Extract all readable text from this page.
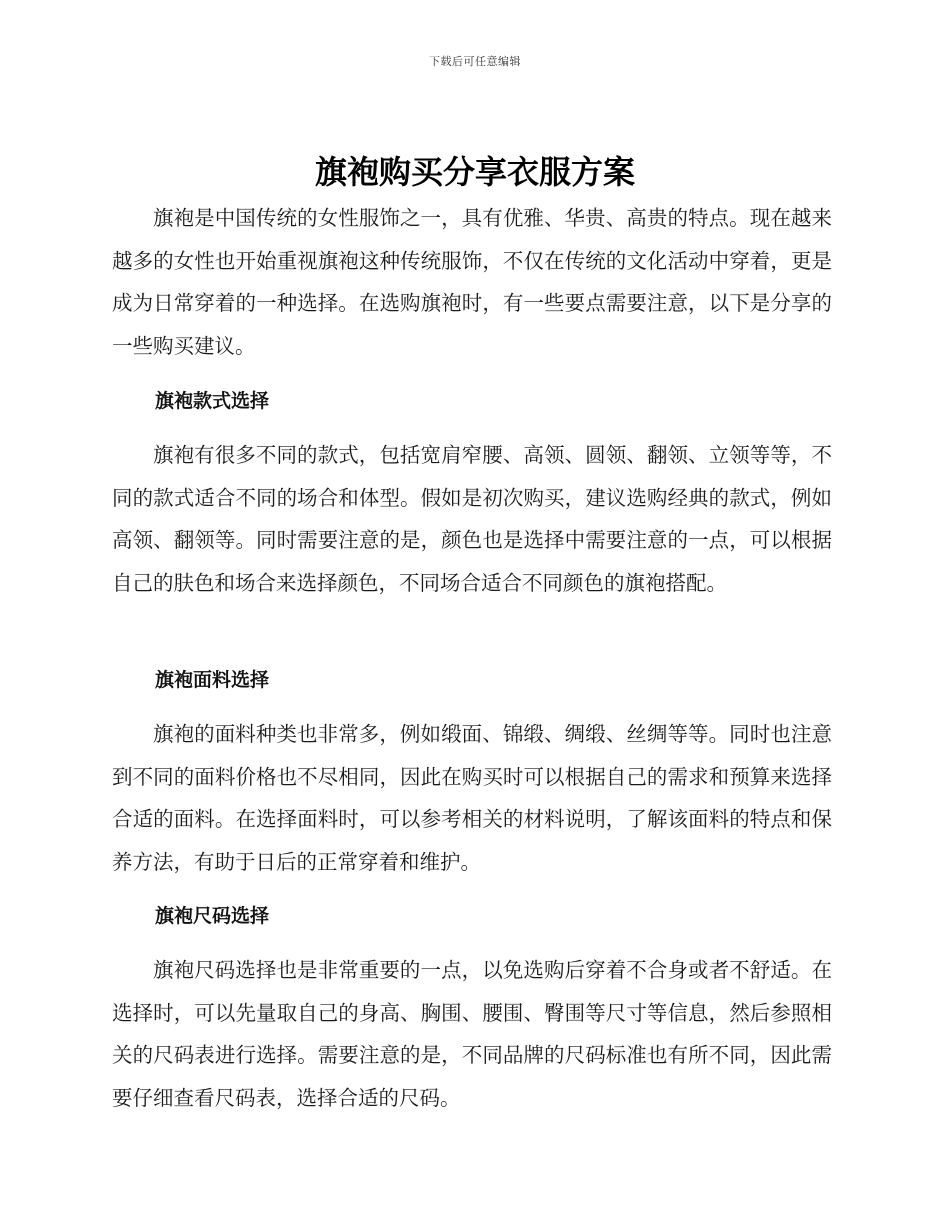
下载后可任意编辑
旗袍购买分享衣服方案

旗袍是中国传统的女性服饰之一，具有优雅、华贵、高贵的特点。现在越来越多的女性也开始重视旗袍这种传统服饰，不仅在传统的文化活动中穿着，更是成为日常穿着的一种选择。在选购旗袍时，有一些要点需要注意，以下是分享的一些购买建议。

旗袍款式选择

旗袍有很多不同的款式，包括宽肩窄腰、高领、圆领、翻领、立领等等，不同的款式适合不同的场合和体型。假如是初次购买，建议选购经典的款式，例如高领、翻领等。同时需要注意的是，颜色也是选择中需要注意的一点，可以根据自己的肤色和场合来选择颜色，不同场合适合不同颜色的旗袍搭配。

旗袍面料选择

旗袍的面料种类也非常多，例如缎面、锦缎、绸缎、丝绸等等。同时也注意到不同的面料价格也不尽相同，因此在购买时可以根据自己的需求和预算来选择合适的面料。在选择面料时，可以参考相关的材料说明，了解该面料的特点和保养方法，有助于日后的正常穿着和维护。

旗袍尺码选择

旗袍尺码选择也是非常重要的一点，以免选购后穿着不合身或者不舒适。在选择时，可以先量取自己的身高、胸围、腰围、臀围等尺寸等信息，然后参照相关的尺码表进行选择。需要注意的是，不同品牌的尺码标准也有所不同，因此需要仔细查看尺码表，选择合适的尺码。
